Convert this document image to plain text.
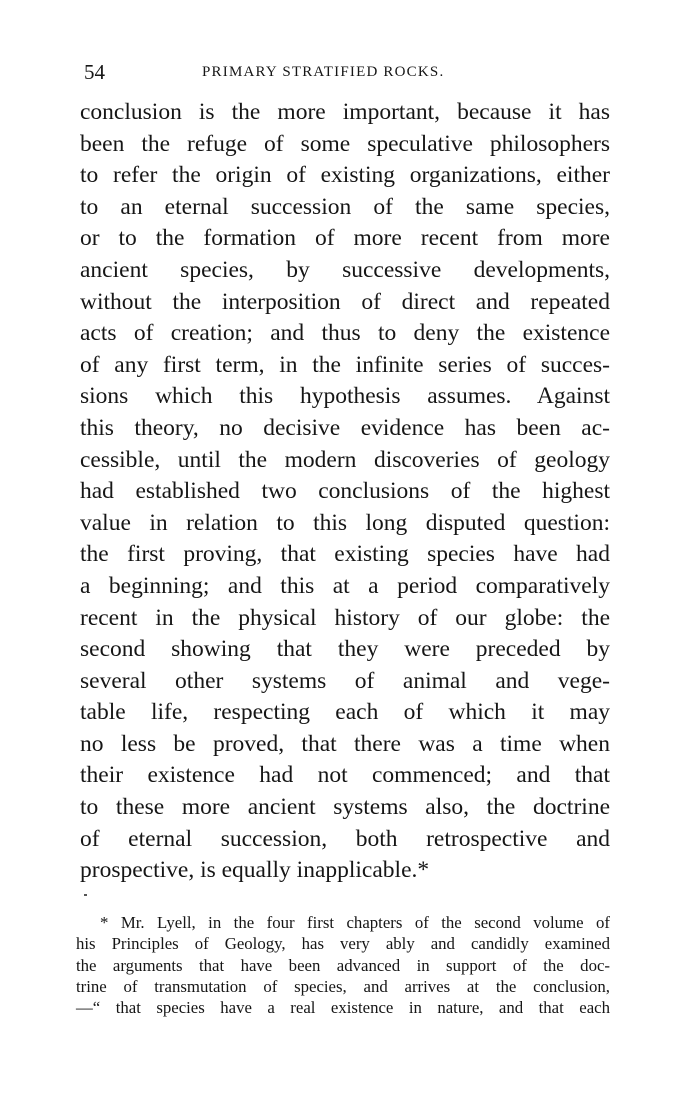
54	PRIMARY STRATIFIED ROCKS.
conclusion is the more important, because it has
been the refuge of some speculative philosophers
to refer the origin of existing organizations, either
to an eternal succession of the same species,
or to the formation of more recent from more
ancient species, by successive developments,
without the interposition of direct and repeated
acts of creation; and thus to deny the existence
of any first term, in the infinite series of succes-
sions which this hypothesis assumes. Against
this theory, no decisive evidence has been ac-
cessible, until the modern discoveries of geology
had established two conclusions of the highest
value in relation to this long disputed question:
the first proving, that existing species have had
a beginning; and this at a period comparatively
recent in the physical history of our globe: the
second showing that they were preceded by
several other systems of animal and vege-
table life, respecting each of which it may
no less be proved, that there was a time when
their existence had not commenced; and that
to these more ancient systems also, the doctrine
of eternal succession, both retrospective and
prospective, is equally inapplicable.*
* Mr. Lyell, in the four first chapters of the second volume of
his Principles of Geology, has very ably and candidly examined
the arguments that have been advanced in support of the doc-
trine of transmutation of species, and arrives at the conclusion,
—“ that species have a real existence in nature, and that each
